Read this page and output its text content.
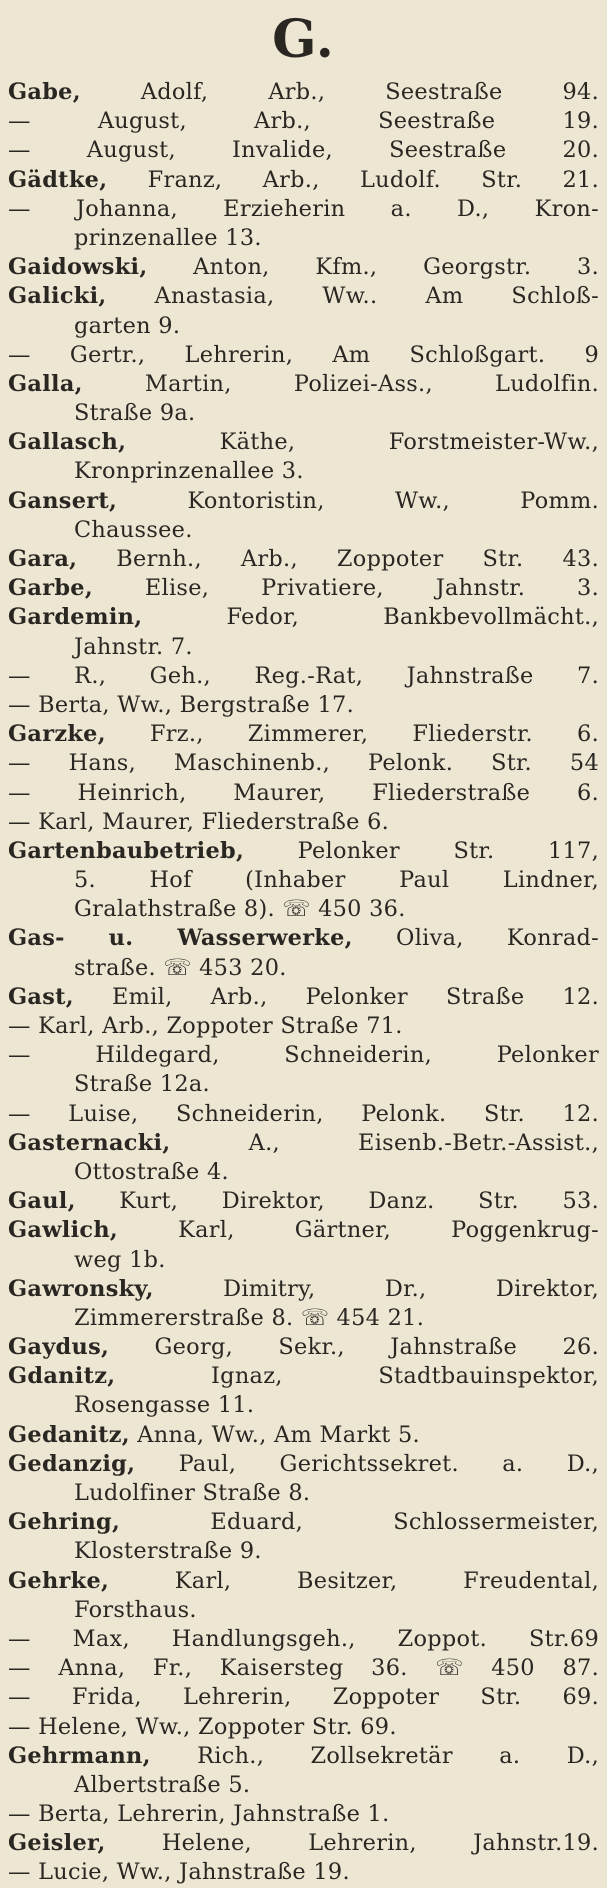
G.
Gabe, Adolf, Arb., Seestraße 94.
— August, Arb., Seestraße 19.
— August, Invalide, Seestraße 20.
Gädtke, Franz, Arb., Ludolf. Str. 21.
— Johanna, Erzieherin a. D., Kron-
prinzenallee 13.
Gaidowski, Anton, Kfm., Georgstr. 3.
Galicki, Anastasia, Ww.. Am Schloß-
garten 9.
— Gertr., Lehrerin, Am Schloßgart. 9
Galla, Martin, Polizei-Ass., Ludolfin.
Straße 9a.
Gallasch, Käthe, Forstmeister-Ww.,
Kronprinzenallee 3.
Gansert, Kontoristin, Ww., Pomm.
Chaussee.
Gara, Bernh., Arb., Zoppoter Str. 43.
Garbe, Elise, Privatiere, Jahnstr. 3.
Gardemin, Fedor, Bankbevollmächt.,
Jahnstr. 7.
— R., Geh., Reg.-Rat, Jahnstraße 7.
— Berta, Ww., Bergstraße 17.
Garzke, Frz., Zimmerer, Fliederstr. 6.
— Hans, Maschinenb., Pelonk. Str. 54
— Heinrich, Maurer, Fliederstraße 6.
— Karl, Maurer, Fliederstraße 6.
Gartenbaubetrieb, Pelonker Str. 117,
5. Hof (Inhaber Paul Lindner,
Gralathstraße 8). ☏ 450 36.
Gas- u. Wasserwerke, Oliva, Konrad-
straße. ☏ 453 20.
Gast, Emil, Arb., Pelonker Straße 12.
— Karl, Arb., Zoppoter Straße 71.
— Hildegard, Schneiderin, Pelonker
Straße 12a.
— Luise, Schneiderin, Pelonk. Str. 12.
Gasternacki, A., Eisenb.-Betr.-Assist.,
Ottostraße 4.
Gaul, Kurt, Direktor, Danz. Str. 53.
Gawlich, Karl, Gärtner, Poggenkrug-
weg 1b.
Gawronsky, Dimitry, Dr., Direktor,
Zimmererstraße 8. ☏ 454 21.
Gaydus, Georg, Sekr., Jahnstraße 26.
Gdanitz, Ignaz, Stadtbauinspektor,
Rosengasse 11.
Gedanitz, Anna, Ww., Am Markt 5.
Gedanzig, Paul, Gerichtssekret. a. D.,
Ludolfiner Straße 8.
Gehring, Eduard, Schlossermeister,
Klosterstraße 9.
Gehrke, Karl, Besitzer, Freudental,
Forsthaus.
— Max, Handlungsgeh., Zoppot. Str.69
— Anna, Fr., Kaisersteg 36. ☏ 450 87.
— Frida, Lehrerin, Zoppoter Str. 69.
— Helene, Ww., Zoppoter Str. 69.
Gehrmann, Rich., Zollsekretär a. D.,
Albertstraße 5.
— Berta, Lehrerin, Jahnstraße 1.
Geisler, Helene, Lehrerin, Jahnstr.19.
— Lucie, Ww., Jahnstraße 19.
